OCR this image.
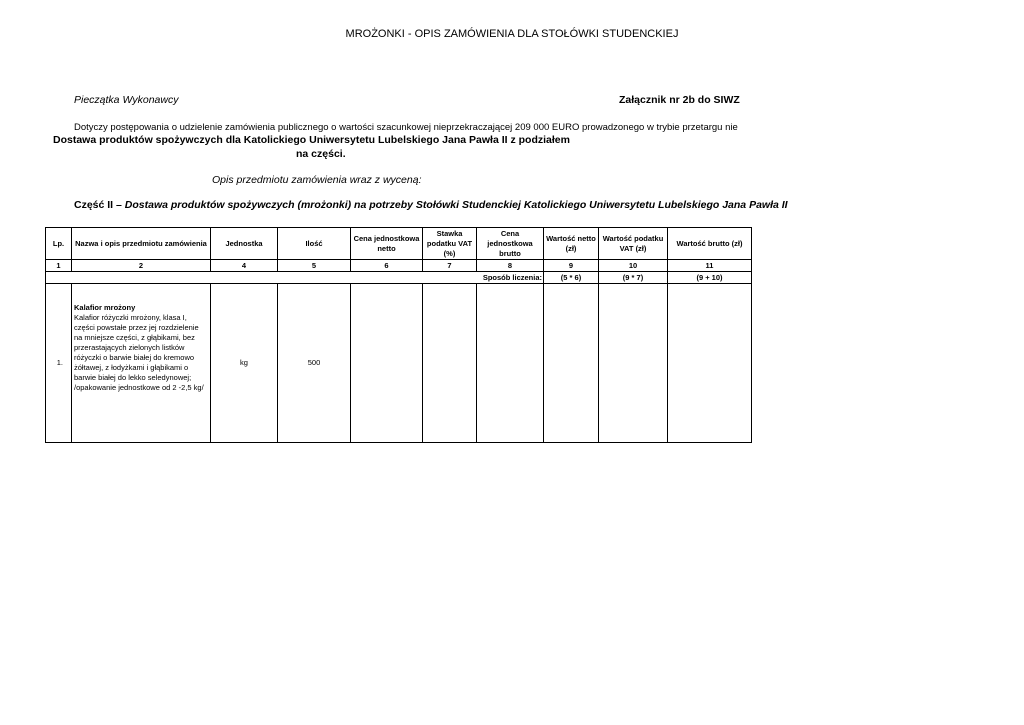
MROŻONKI - OPIS ZAMÓWIENIA DLA STOŁÓWKI STUDENCKIEJ
Pieczątka Wykonawcy	Załącznik nr 2b do SIWZ
Dotyczy postępowania o udzielenie zamówienia publicznego o wartości szacunkowej nieprzekraczającej 209 000 EURO prowadzonego w trybie przetargu nie
Dostawa produktów spożywczych dla Katolickiego Uniwersytetu Lubelskiego Jana Pawła II z podziałem
na części.
Opis przedmiotu zamówienia wraz z wyceną:
Część II – Dostawa produktów spożywczych (mrożonki) na potrzeby Stołówki Studenckiej Katolickiego Uniwersytetu Lubelskiego Jana Pawła II
Lp.	Nazwa i opis przedmiotu zamówienia	Jednostka	Ilość	Cena jednostkowa netto	Stawka podatku VAT (%)	Cena jednostkowa brutto	Wartość netto (zł)	Wartość podatku VAT (zł)	Wartość brutto (zł)
1	2	4	5	6	7	8	9	10	11
					Sposób liczenia:		(5 * 6)	(9 * 7)	(9 + 10)
1.	Kalafior mrożony
Kalafior różyczki mrożony, klasa I, części powstałe przez jej rozdzielenie na mniejsze części, z głąbikami, bez przerastających zielonych listków różyczki o barwie białej do kremowo żółtawej, z łodyżkami i głąbikami o barwie białej do lekko seledynowej; /opakowanie jednostkowe od 2 -2,5 kg/	kg	500						
